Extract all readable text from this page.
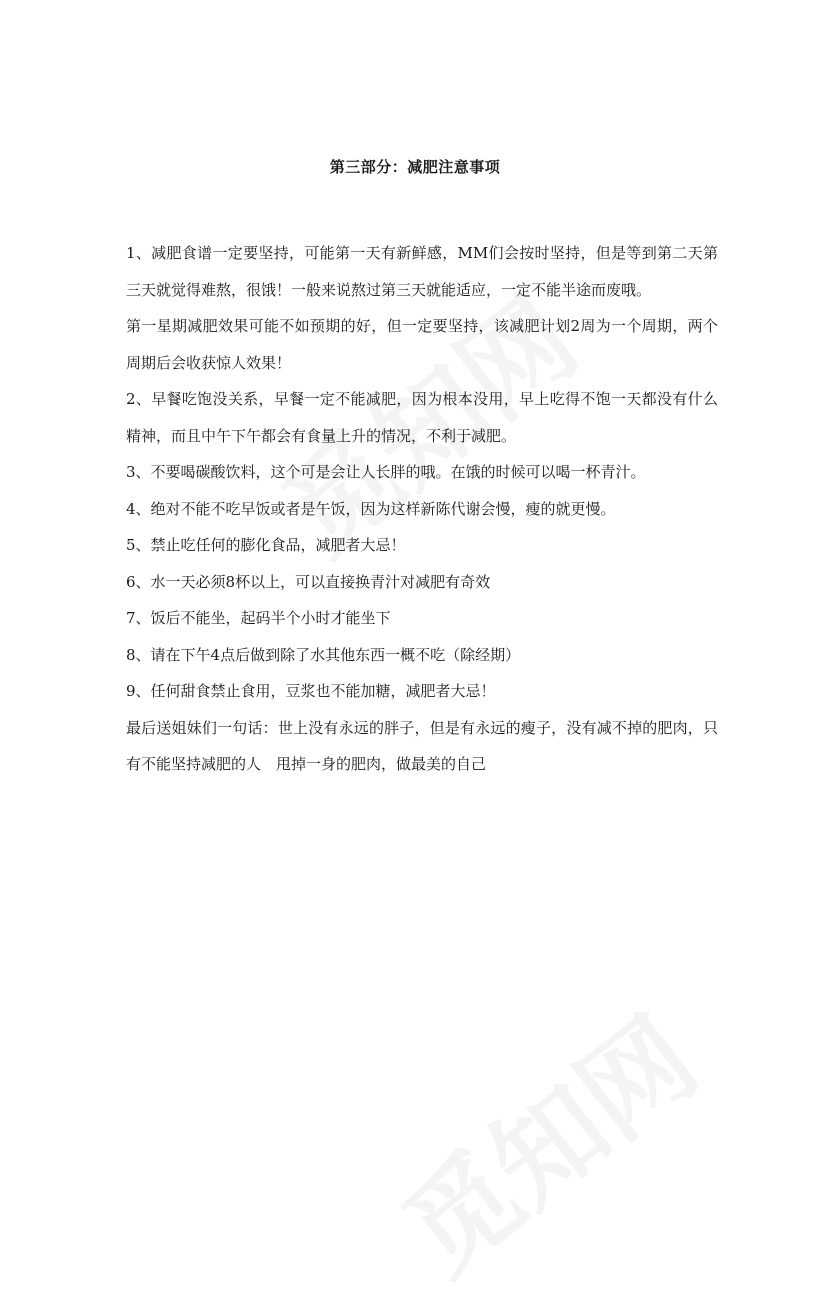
第三部分：减肥注意事项

1、减肥食谱一定要坚持，可能第一天有新鲜感，MM们会按时坚持，但是等到第二天第三天就觉得难熬，很饿！一般来说熬过第三天就能适应，一定不能半途而废哦。

第一星期减肥效果可能不如预期的好，但一定要坚持，该减肥计划2周为一个周期，两个周期后会收获惊人效果！

2、早餐吃饱没关系，早餐一定不能减肥，因为根本没用，早上吃得不饱一天都没有什么精神，而且中午下午都会有食量上升的情况，不利于减肥。

3、不要喝碳酸饮料，这个可是会让人长胖的哦。在饿的时候可以喝一杯青汁。

4、绝对不能不吃早饭或者是午饭，因为这样新陈代谢会慢，瘦的就更慢。

5、禁止吃任何的膨化食品，减肥者大忌！

6、水一天必须8杯以上，可以直接换青汁对减肥有奇效

7、饭后不能坐，起码半个小时才能坐下

8、请在下午4点后做到除了水其他东西一概不吃（除经期）

9、任何甜食禁止食用，豆浆也不能加糖，减肥者大忌！

最后送姐妹们一句话：世上没有永远的胖子，但是有永远的瘦子，没有减不掉的肥肉，只有不能坚持减肥的人　甩掉一身的肥肉，做最美的自己
